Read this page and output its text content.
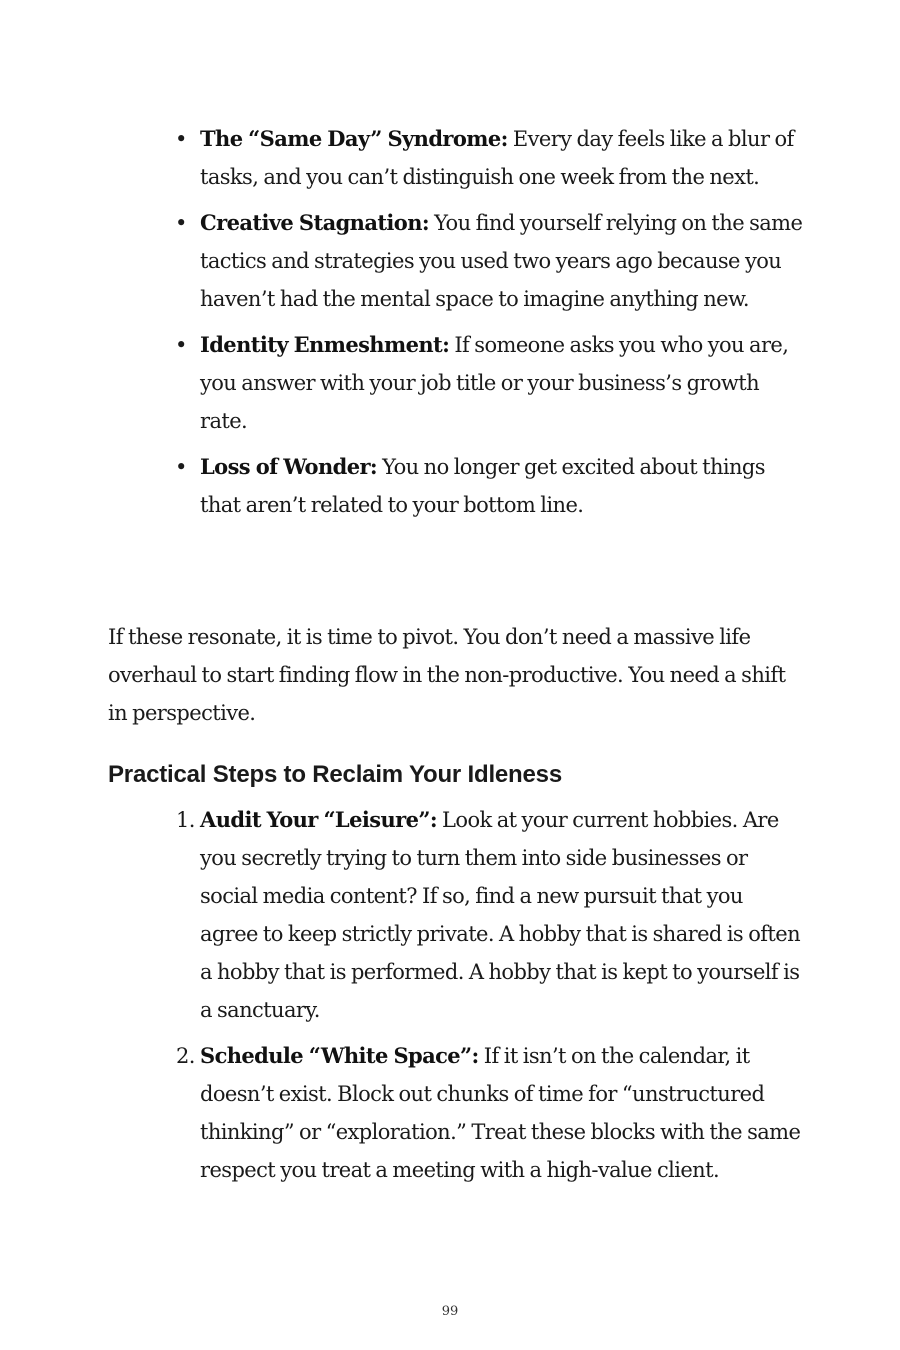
• The “Same Day” Syndrome: Every day feels like a blur of tasks, and you can’t distinguish one week from the next.
• Creative Stagnation: You find yourself relying on the same tactics and strategies you used two years ago because you haven’t had the mental space to imagine anything new.
• Identity Enmeshment: If someone asks you who you are, you answer with your job title or your business’s growth rate.
• Loss of Wonder: You no longer get excited about things that aren’t related to your bottom line.

If these resonate, it is time to pivot. You don’t need a massive life overhaul to start finding flow in the non-productive. You need a shift in perspective.

Practical Steps to Reclaim Your Idleness
1. Audit Your “Leisure”: Look at your current hobbies. Are you secretly trying to turn them into side businesses or social media content? If so, find a new pursuit that you agree to keep strictly private. A hobby that is shared is often a hobby that is performed. A hobby that is kept to yourself is a sanctuary.
2. Schedule “White Space”: If it isn’t on the calendar, it doesn’t exist. Block out chunks of time for “unstructured thinking” or “exploration.” Treat these blocks with the same respect you treat a meeting with a high-value client.
99
